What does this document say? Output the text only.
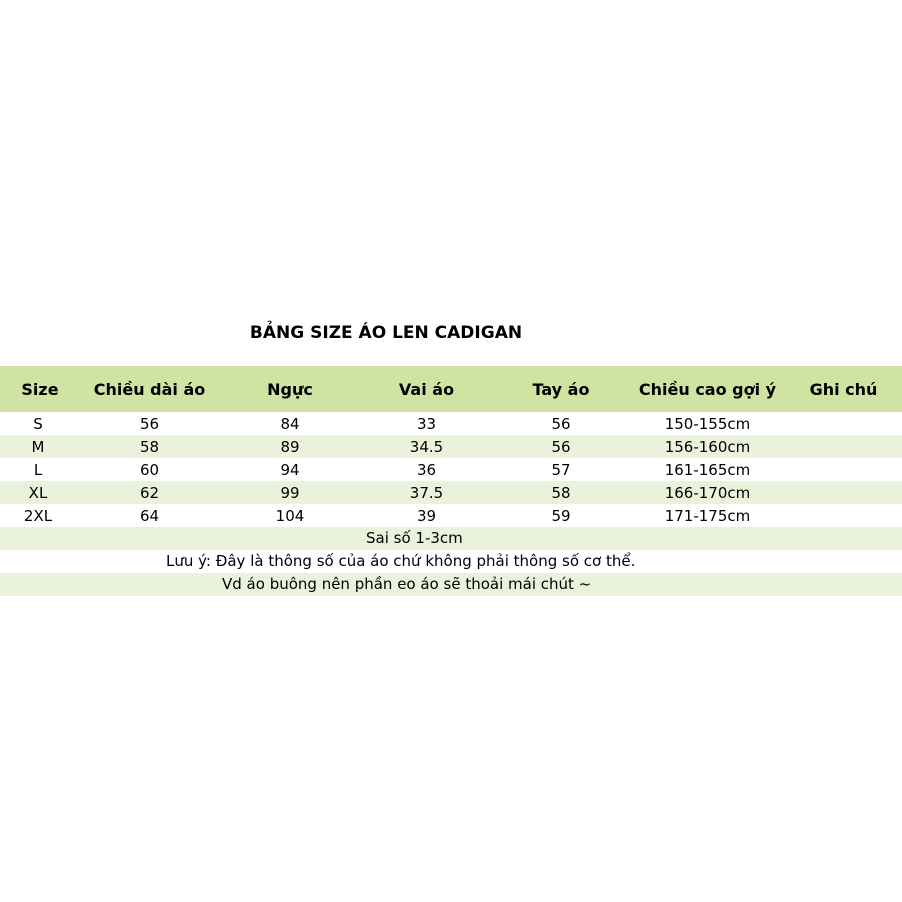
BẢNG SIZE ÁO LEN CADIGAN
Size	Chiều dài áo	Ngực	Vai áo	Tay áo	Chiều cao gợi ý	Ghi chú
S	56	84	33	56	150-155cm
M	58	89	34.5	56	156-160cm
L	60	94	36	57	161-165cm
XL	62	99	37.5	58	166-170cm
2XL	64	104	39	59	171-175cm
Sai số 1-3cm
Lưu ý: Đây là thông số của áo chứ không phải thông số cơ thể.
Vd áo buông nên phần eo áo sẽ thoải mái chút ~
